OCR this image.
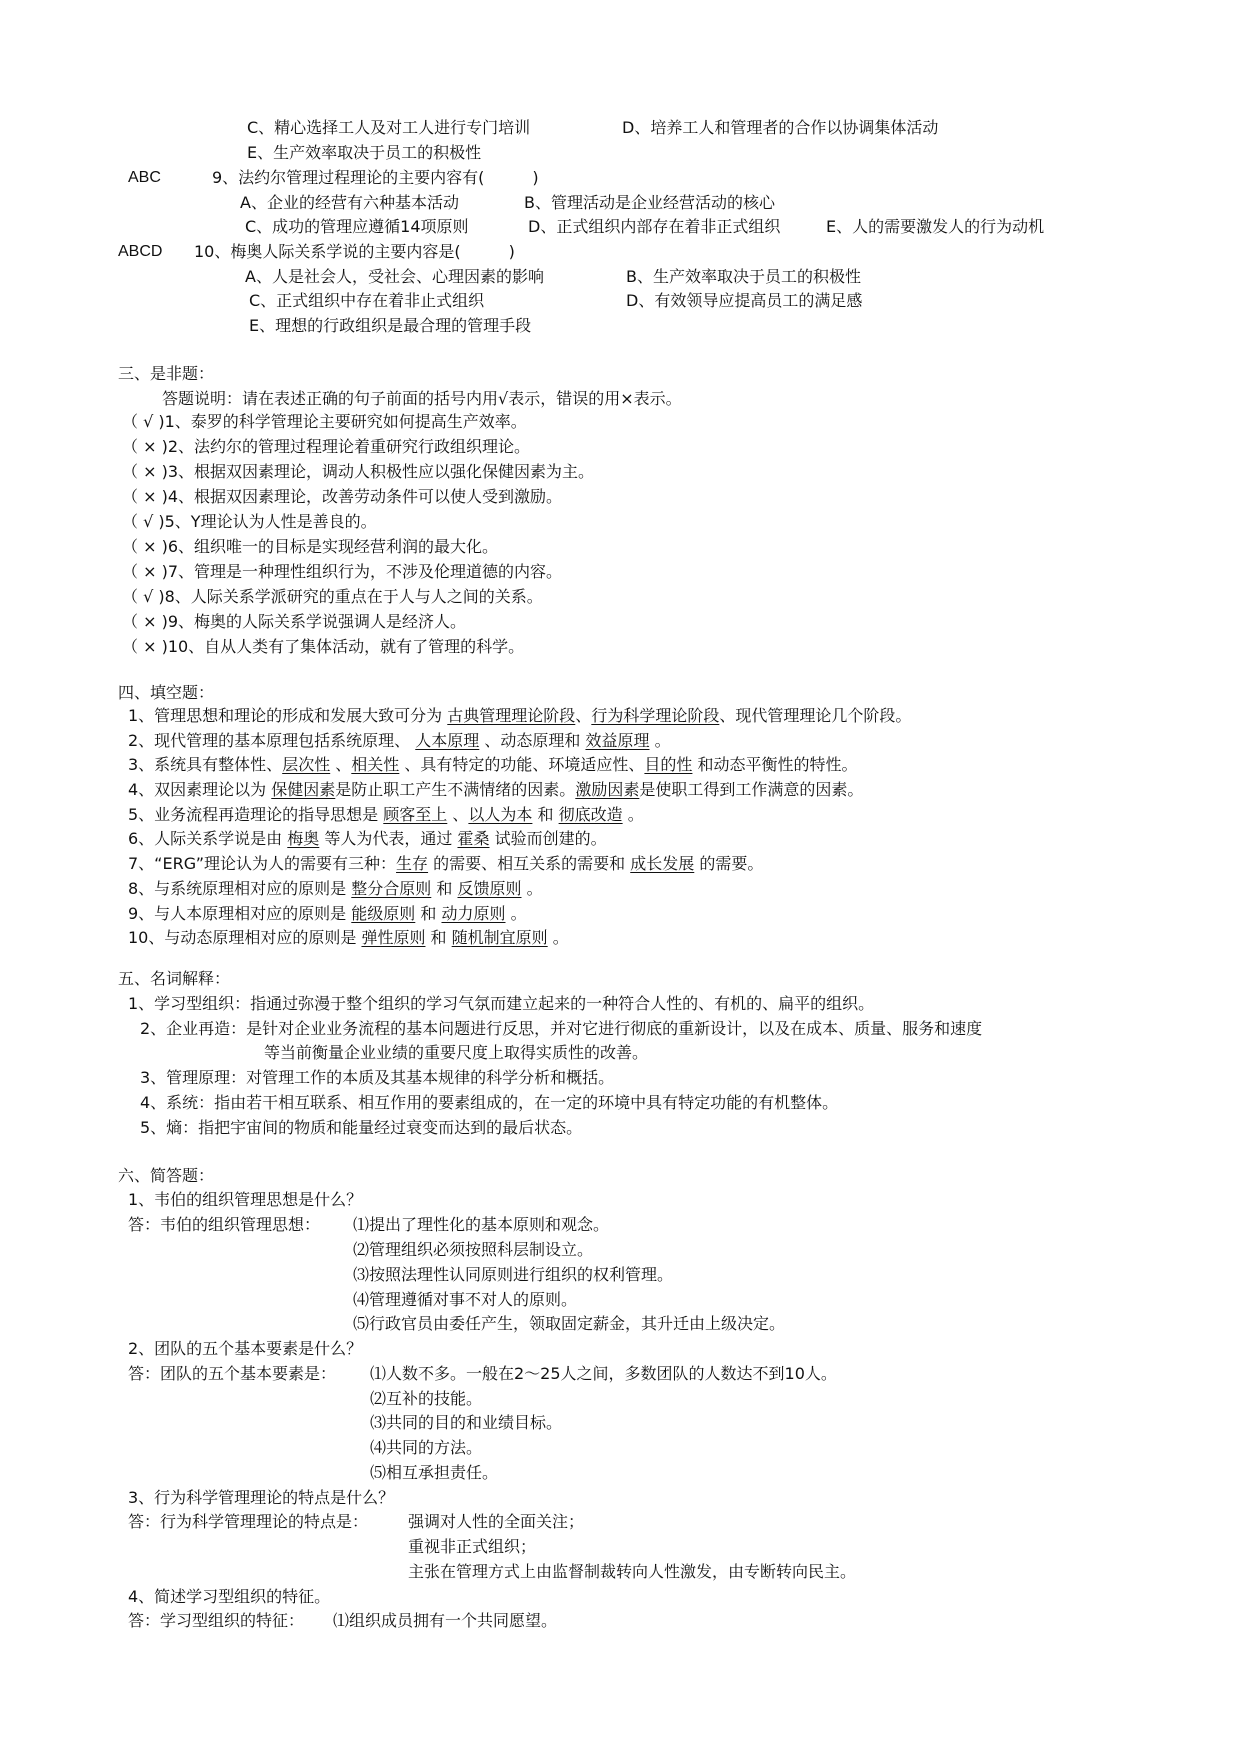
C、精心选择工人及对工人进行专门培训	D、培养工人和管理者的合作以协调集体活动
E、生产效率取决于员工的积极性
ABC	9、法约尔管理过程理论的主要内容有(　　　)
A、企业的经营有六种基本活动	B、管理活动是企业经营活动的核心
C、成功的管理应遵循14项原则	D、正式组织内部存在着非正式组织	E、人的需要激发人的行为动机
ABCD 10、梅奥人际关系学说的主要内容是(　　　)
A、人是社会人，受社会、心理因素的影响	B、生产效率取决于员工的积极性
C、正式组织中存在着非止式组织	D、有效领导应提高员工的满足感
E、理想的行政组织是最合理的管理手段
三、是非题：
答题说明：请在表述正确的句子前面的括号内用√表示，错误的用×表示。
（ √ )1、泰罗的科学管理论主要研究如何提高生产效率。
（ × )2、法约尔的管理过程理论着重研究行政组织理论。
（ × )3、根据双因素理论，调动人积极性应以强化保健因素为主。
（ × )4、根据双因素理论，改善劳动条件可以使人受到激励。
（ √ )5、Y理论认为人性是善良的。
（ × )6、组织唯一的目标是实现经营利润的最大化。
（ × )7、管理是一种理性组织行为，不涉及伦理道德的内容。
（ √ )8、人际关系学派研究的重点在于人与人之间的关系。
（ × )9、梅奥的人际关系学说强调人是经济人。
（ × )10、自从人类有了集体活动，就有了管理的科学。
四、填空题：
1、管理思想和理论的形成和发展大致可分为 古典管理理论阶段、行为科学理论阶段、现代管理理论几个阶段。
2、现代管理的基本原理包括系统原理、 人本原理 、动态原理和 效益原理 。
3、系统具有整体性、层次性 、相关性 、具有特定的功能、环境适应性、目的性 和动态平衡性的特性。
4、双因素理论以为 保健因素是防止职工产生不满情绪的因素。激励因素是使职工得到工作满意的因素。
5、业务流程再造理论的指导思想是 顾客至上 、以人为本 和 彻底改造 。
6、人际关系学说是由 梅奥 等人为代表，通过 霍桑 试验而创建的。
7、“ERG”理论认为人的需要有三种：生存 的需要、相互关系的需要和 成长发展 的需要。
8、与系统原理相对应的原则是 整分合原则 和 反馈原则 。
9、与人本原理相对应的原则是 能级原则 和 动力原则 。
10、与动态原理相对应的原则是 弹性原则 和 随机制宜原则 。
五、名词解释：
1、学习型组织：指通过弥漫于整个组织的学习气氛而建立起来的一种符合人性的、有机的、扁平的组织。
2、企业再造：是针对企业业务流程的基本问题进行反思，并对它进行彻底的重新设计，以及在成本、质量、服务和速度
等当前衡量企业业绩的重要尺度上取得实质性的改善。
3、管理原理：对管理工作的本质及其基本规律的科学分析和概括。
4、系统：指由若干相互联系、相互作用的要素组成的，在一定的环境中具有特定功能的有机整体。
5、熵：指把宇宙间的物质和能量经过衰变而达到的最后状态。
六、简答题：
1、韦伯的组织管理思想是什么？
答：韦伯的组织管理思想： ⑴提出了理性化的基本原则和观念。
⑵管理组织必须按照科层制设立。
⑶按照法理性认同原则进行组织的权利管理。
⑷管理遵循对事不对人的原则。
⑸行政官员由委任产生，领取固定薪金，其升迁由上级决定。
2、团队的五个基本要素是什么？
答：团队的五个基本要素是： ⑴人数不多。一般在2～25人之间，多数团队的人数达不到10人。
⑵互补的技能。
⑶共同的目的和业绩目标。
⑷共同的方法。
⑸相互承担责任。
3、行为科学管理理论的特点是什么？
答：行为科学管理理论的特点是： 强调对人性的全面关注；
重视非正式组织；
主张在管理方式上由监督制裁转向人性激发，由专断转向民主。
4、简述学习型组织的特征。
答：学习型组织的特征： ⑴组织成员拥有一个共同愿望。
